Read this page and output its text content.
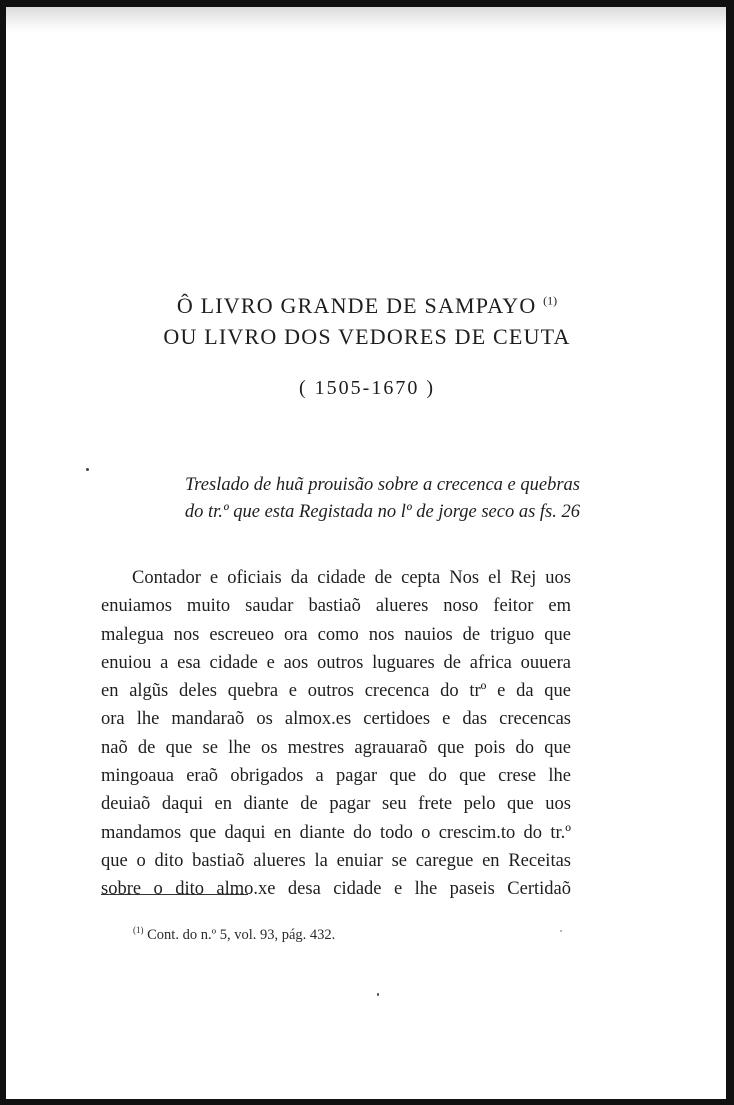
Ô LIVRO GRANDE DE SAMPAYO $^{(1)}$
OU LIVRO DOS VEDORES DE CEUTA
( 1505-1670 )
Treslado de huã prouisão sobre a crecenca e quebras
do tr.º que esta Registada no lº de jorge seco as fs. 26
Contador e oficiais da cidade de cepta Nos el Rej uos
enuiamos muito saudar bastiaõ alueres noso feitor em
malegua nos escreueo ora como nos nauios de triguo que
enuiou a esa cidade e aos outros luguares de africa ouuera
en algũs deles quebra e outros crecenca do trº e da que
ora lhe mandaraõ os almox.es certidoes e das crecencas
naõ de que se lhe os mestres agrauaraõ que pois do que
mingoaua eraõ obrigados a pagar que do que crese lhe
deuiaõ daqui en diante de pagar seu frete pelo que uos
mandamos que daqui en diante do todo o crescim.to do tr.º
que o dito bastiaõ alueres la enuiar se caregue en Receitas
sobre o dito almo.xe desa cidade e lhe paseis Certidaõ
$^{(1)}$ Cont. do n.º 5, vol. 93, pág. 432.
